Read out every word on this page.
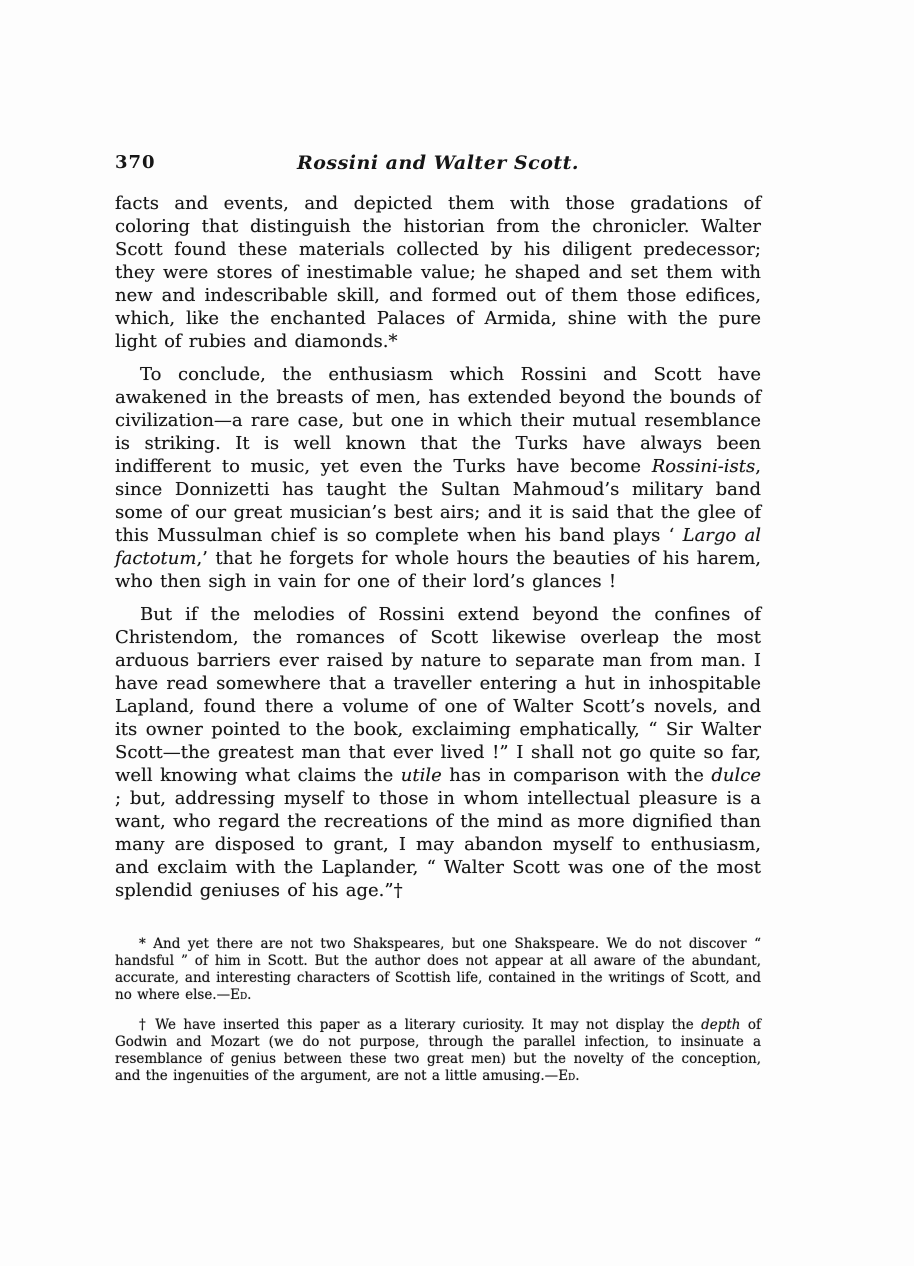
370	Rossini and Walter Scott.

facts and events, and depicted them with those gradations of coloring that distinguish the historian from the chronicler. Walter Scott found these materials collected by his diligent predecessor; they were stores of inestimable value; he shaped and set them with new and indescribable skill, and formed out of them those edifices, which, like the enchanted Palaces of Armida, shine with the pure light of rubies and diamonds.*

To conclude, the enthusiasm which Rossini and Scott have awakened in the breasts of men, has extended beyond the bounds of civilization—a rare case, but one in which their mutual resemblance is striking. It is well known that the Turks have always been indifferent to music, yet even the Turks have become Rossini-ists, since Donnizetti has taught the Sultan Mahmoud’s military band some of our great musician’s best airs; and it is said that the glee of this Mussulman chief is so complete when his band plays ‘ Largo al factotum,’ that he forgets for whole hours the beauties of his harem, who then sigh in vain for one of their lord’s glances !

But if the melodies of Rossini extend beyond the confines of Christendom, the romances of Scott likewise overleap the most arduous barriers ever raised by nature to separate man from man. I have read somewhere that a traveller entering a hut in inhospitable Lapland, found there a volume of one of Walter Scott’s novels, and its owner pointed to the book, exclaiming emphatically, “ Sir Walter Scott—the greatest man that ever lived !” I shall not go quite so far, well knowing what claims the utile has in comparison with the dulce ; but, addressing myself to those in whom intellectual pleasure is a want, who regard the recreations of the mind as more dignified than many are disposed to grant, I may abandon myself to enthusiasm, and exclaim with the Laplander, “ Walter Scott was one of the most splendid geniuses of his age.”†

* And yet there are not two Shakspeares, but one Shakspeare. We do not discover “ handsful ” of him in Scott. But the author does not appear at all aware of the abundant, accurate, and interesting characters of Scottish life, contained in the writings of Scott, and no where else.—Ed.

† We have inserted this paper as a literary curiosity. It may not display the depth of Godwin and Mozart (we do not purpose, through the parallel infection, to insinuate a resemblance of genius between these two great men) but the novelty of the conception, and the ingenuities of the argument, are not a little amusing.—Ed.
